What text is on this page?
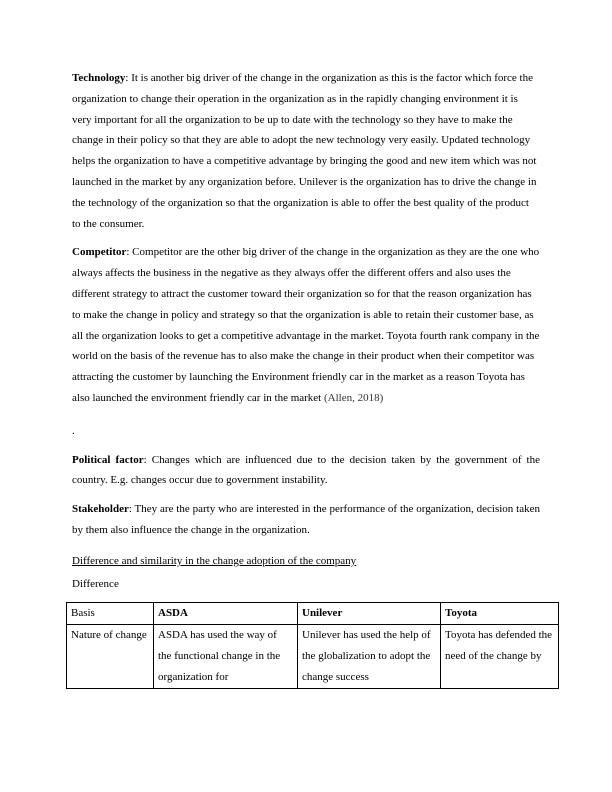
Technology: It is another big driver of the change in the organization as this is the factor which force the organization to change their operation in the organization as in the rapidly changing environment it is very important for all the organization to be up to date with the technology so they have to make the change in their policy so that they are able to adopt the new technology very easily. Updated technology helps the organization to have a competitive advantage by bringing the good and new item which was not launched in the market by any organization before. Unilever is the organization has to drive the change in the technology of the organization so that the organization is able to offer the best quality of the product to the consumer.

Competitor: Competitor are the other big driver of the change in the organization as they are the one who always affects the business in the negative as they always offer the different offers and also uses the different strategy to attract the customer toward their organization so for that the reason organization has to make the change in policy and strategy so that the organization is able to retain their customer base, as all the organization looks to get a competitive advantage in the market. Toyota fourth rank company in the world on the basis of the revenue has to also make the change in their product when their competitor was attracting the customer by launching the Environment friendly car in the market as a reason Toyota has also launched the environment friendly car in the market (Allen, 2018)

.

Political factor: Changes which are influenced due to the decision taken by the government of the country. E.g. changes occur due to government instability.

Stakeholder: They are the party who are interested in the performance of the organization, decision taken by them also influence the change in the organization.

Difference and similarity in the change adoption of the company

Difference

Basis	ASDA	Unilever	Toyota
Nature of change	ASDA has used the way of the functional change in the organization for	Unilever has used the help of the globalization to adopt the change success	Toyota has defended the need of the change by
